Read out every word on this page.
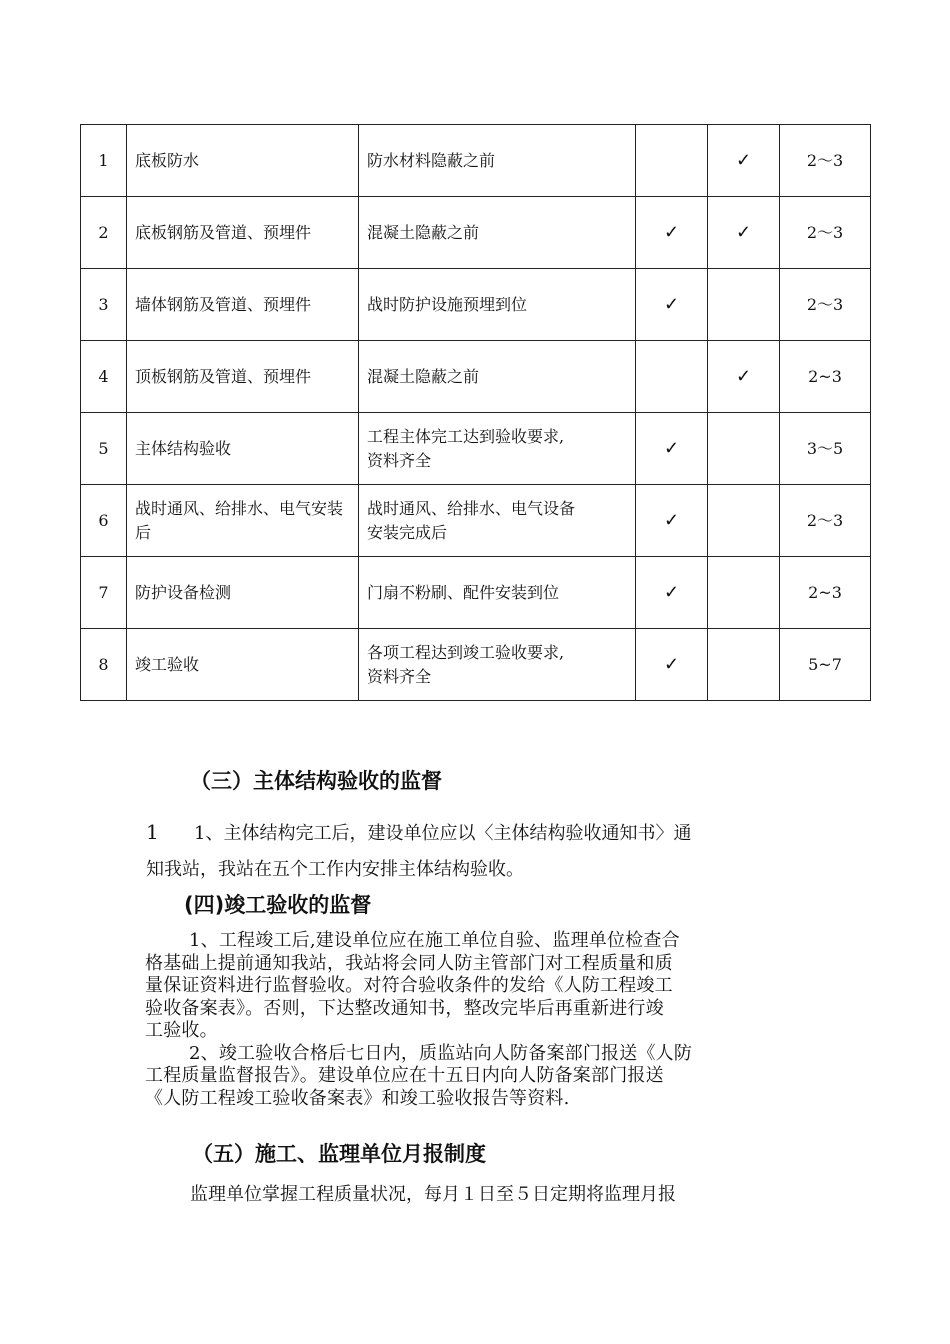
1	底板防水	防水材料隐蔽之前		✓	2～3
2	底板钢筋及管道、预埋件	混凝土隐蔽之前	✓	✓	2～3
3	墙体钢筋及管道、预埋件	战时防护设施预埋到位	✓		2～3
4	顶板钢筋及管道、预埋件	混凝土隐蔽之前		✓	2~3
5	主体结构验收	工程主体完工达到验收要求,
资料齐全	✓		3～5
6	战时通风、给排水、电气安装后	战时通风、给排水、电气设备
安装完成后	✓		2～3
7	防护设备检测	门扇不粉刷、配件安装到位	✓		2~3
8	竣工验收	各项工程达到竣工验收要求,
资料齐全	✓		5~7
（三）主体结构验收的监督
1 1、主体结构完工后，建设单位应以〈主体结构验收通知书〉通
知我站，我站在五个工作内安排主体结构验收。
(四)竣工验收的监督
1、工程竣工后,建设单位应在施工单位自验、监理单位检查合
格基础上提前通知我站，我站将会同人防主管部门对工程质量和质
量保证资料进行监督验收。对符合验收条件的发给《人防工程竣工
验收备案表》。否则，下达整改通知书，整改完毕后再重新进行竣
工验收。
2、竣工验收合格后七日内，质监站向人防备案部门报送《人防
工程质量监督报告》。建设单位应在十五日内向人防备案部门报送
《人防工程竣工验收备案表》和竣工验收报告等资料.
（五）施工、监理单位月报制度
监理单位掌握工程质量状况，每月１日至５日定期将监理月报
